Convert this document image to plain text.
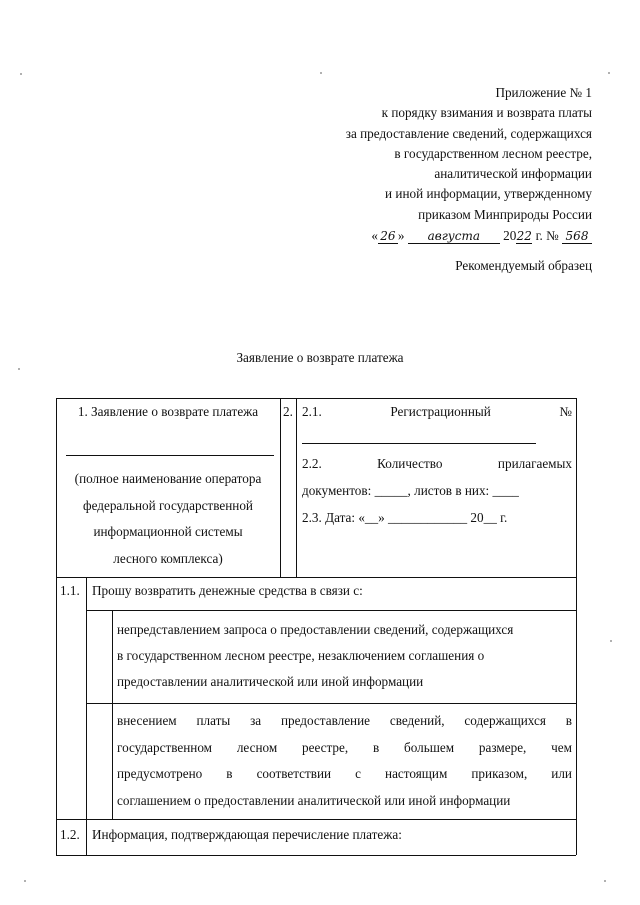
Приложение № 1
к порядку взимания и возврата платы
за предоставление сведений, содержащихся
в государственном лесном реестре,
аналитической информации
и иной информации, утвержденному
приказом Минприроды России
« 26 » августа 2022 г. № 568
Рекомендуемый образец
Заявление о возврате платежа
1. Заявление о возврате платежа
(полное наименование оператора
федеральной государственной
информационной системы
лесного комплекса)
2. 2.1.	Регистрационный	№
2.2.	Количество	прилагаемых
документов: _____, листов в них: ____
2.3. Дата: «__» ____________ 20__ г.
1.1. Прошу возвратить денежные средства в связи с:
непредставлением запроса о предоставлении сведений, содержащихся
в государственном лесном реестре, незаключением соглашения о
предоставлении аналитической или иной информации
внесением платы за предоставление сведений, содержащихся в
государственном лесном реестре, в большем размере, чем
предусмотрено в соответствии с настоящим приказом, или
соглашением о предоставлении аналитической или иной информации
1.2. Информация, подтверждающая перечисление платежа:
